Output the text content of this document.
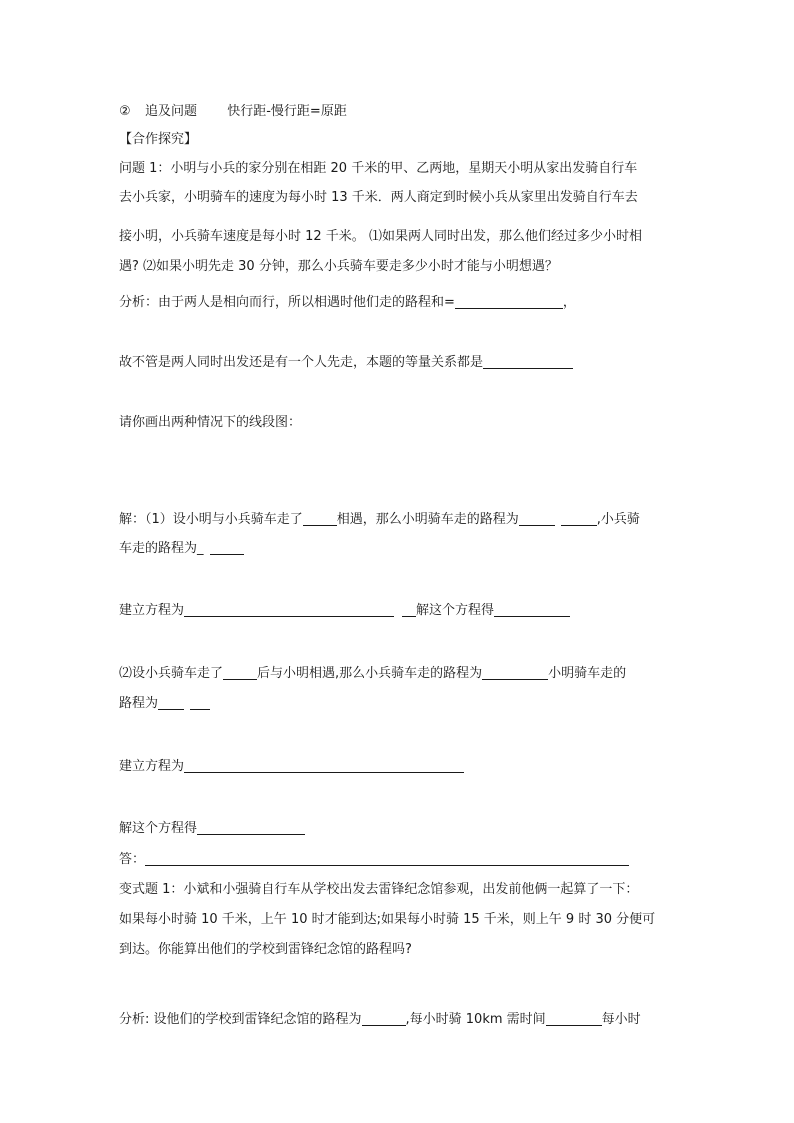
② 追及问题 快行距-慢行距=原距
【合作探究】
问题 1：小明与小兵的家分别在相距 20 千米的甲、乙两地，星期天小明从家出发骑自行车
去小兵家，小明骑车的速度为每小时 13 千米．两人商定到时候小兵从家里出发骑自行车去
接小明，小兵骑车速度是每小时 12 千米。 ⑴如果两人同时出发，那么他们经过多少小时相
遇? ⑵如果小明先走 30 分钟，那么小兵骑车要走多少小时才能与小明想遇？
分析：由于两人是相向而行，所以相遇时他们走的路程和=	，
故不管是两人同时出发还是有一个人先走，本题的等量关系都是
请你画出两种情况下的线段图：
解：（1）设小明与小兵骑车走了	相遇，那么小明骑车走的路程为	,小兵骑
车走的路程为_
建立方程为	解这个方程得
⑵设小兵骑车走了	后与小明相遇,那么小兵骑车走的路程为	小明骑车走的
路程为
建立方程为
解这个方程得
答：
变式题 1：小斌和小强骑自行车从学校出发去雷锋纪念馆参观，出发前他俩一起算了一下：
如果每小时骑 10 千米，上午 10 时才能到达;如果每小时骑 15 千米，则上午 9 时 30 分便可
到达。你能算出他们的学校到雷锋纪念馆的路程吗?
分析: 设他们的学校到雷锋纪念馆的路程为	,每小时骑 10km 需时间	每小时
